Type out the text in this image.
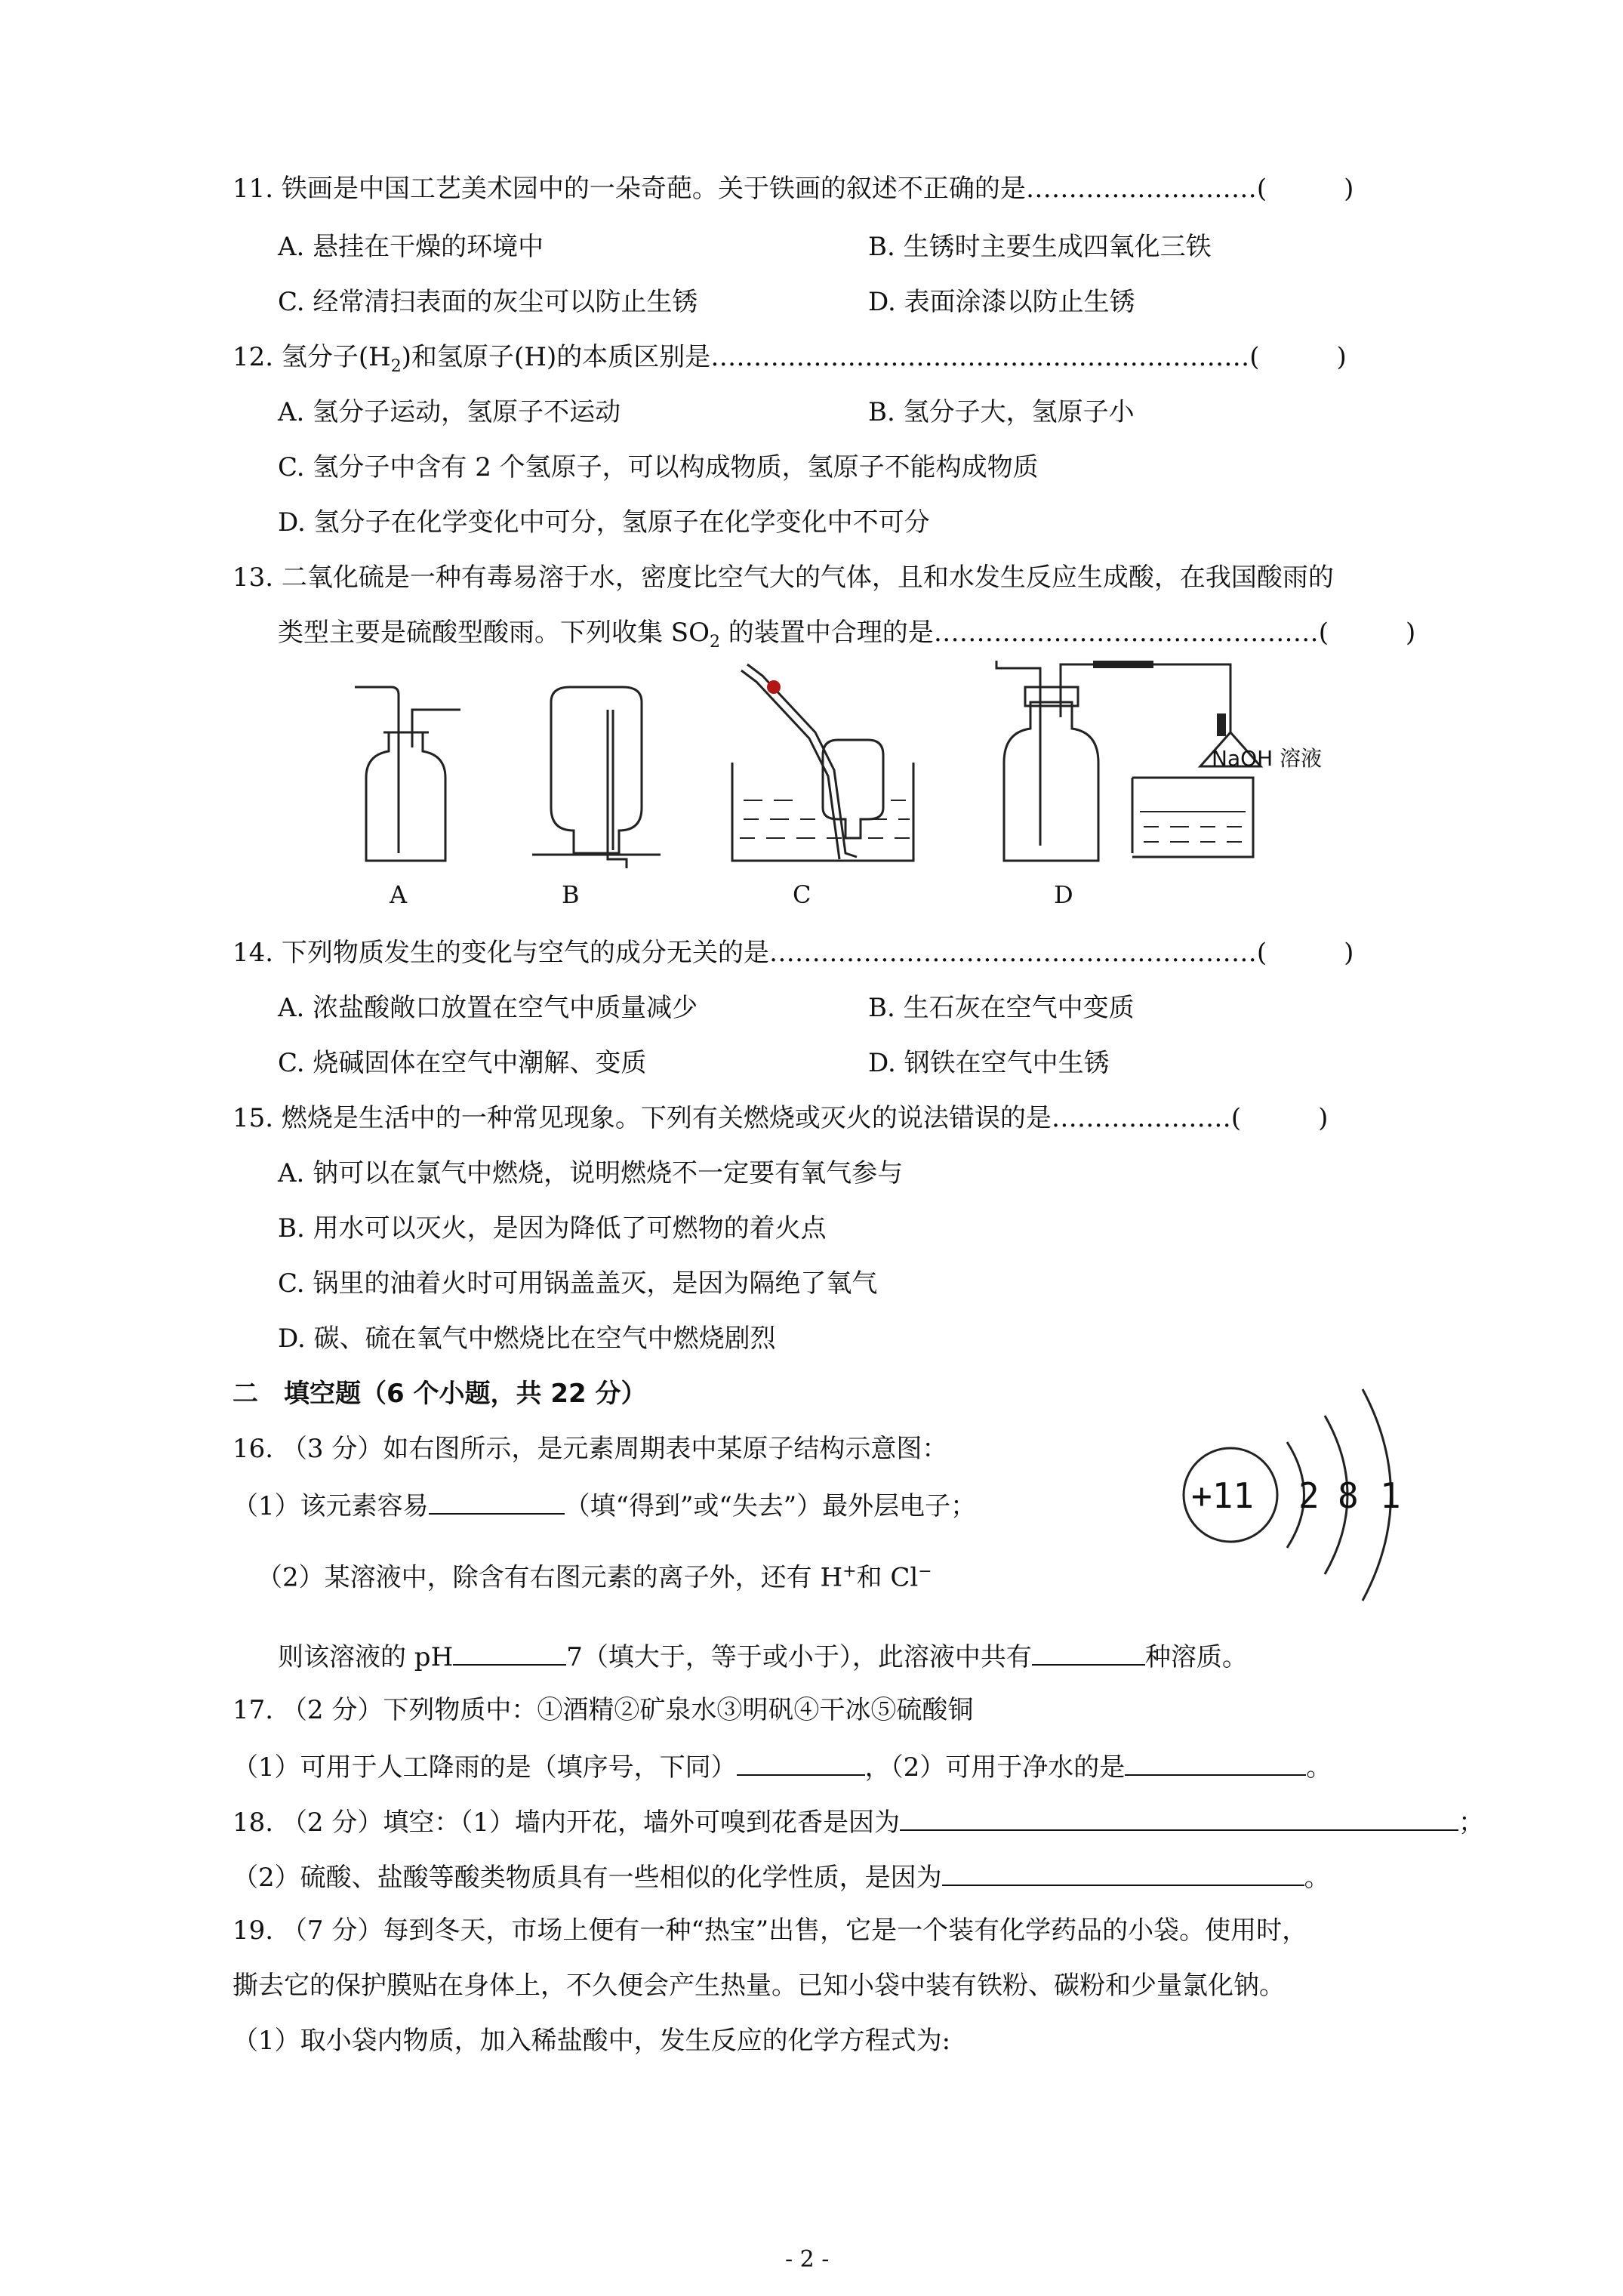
11. 铁画是中国工艺美术园中的一朵奇葩。关于铁画的叙述不正确的是………………………(　　　)
A. 悬挂在干燥的环境中	B. 生锈时主要生成四氧化三铁
C. 经常清扫表面的灰尘可以防止生锈	D. 表面涂漆以防止生锈
12. 氢分子$(H_2)$和氢原子(H)的本质区别是………………………………………………………(　　　)
A. 氢分子运动，氢原子不运动	B. 氢分子大，氢原子小
C. 氢分子中含有 2 个氢原子，可以构成物质，氢原子不能构成物质
D. 氢分子在化学变化中可分，氢原子在化学变化中不可分
13. 二氧化硫是一种有毒易溶于水，密度比空气大的气体，且和水发生反应生成酸，在我国酸雨的
类型主要是硫酸型酸雨。下列收集 $SO_2$ 的装置中合理的是………………………………………(　　　)
NaOH 溶液
A	B	C	D
14. 下列物质发生的变化与空气的成分无关的是…………………………………………………(　　　)
A. 浓盐酸敞口放置在空气中质量减少	B. 生石灰在空气中变质
C. 烧碱固体在空气中潮解、变质	D. 钢铁在空气中生锈
15. 燃烧是生活中的一种常见现象。下列有关燃烧或灭火的说法错误的是…………………(　　　)
A. 钠可以在氯气中燃烧，说明燃烧不一定要有氧气参与
B. 用水可以灭火，是因为降低了可燃物的着火点
C. 锅里的油着火时可用锅盖盖灭，是因为隔绝了氧气
D. 碳、硫在氧气中燃烧比在空气中燃烧剧烈
二　填空题（6 个小题，共 22 分）
16. （3 分）如右图所示，是元素周期表中某原子结构示意图：
（1）该元素容易	（填“得到”或“失去”）最外层电子；
（2）某溶液中，除含有右图元素的离子外，还有 H+和 Cl−
则该溶液的 pH	7（填大于，等于或小于），此溶液中共有	种溶质。
+11 2 8 1
17. （2 分）下列物质中：①酒精②矿泉水③明矾④干冰⑤硫酸铜
（1）可用于人工降雨的是（填序号，下同）	，（2）可用于净水的是	。
18. （2 分）填空：（1）墙内开花，墙外可嗅到花香是因为	；
（2）硫酸、盐酸等酸类物质具有一些相似的化学性质，是因为	。
19. （7 分）每到冬天，市场上便有一种“热宝”出售，它是一个装有化学药品的小袋。使用时，
撕去它的保护膜贴在身体上，不久便会产生热量。已知小袋中装有铁粉、碳粉和少量氯化钠。
（1）取小袋内物质，加入稀盐酸中，发生反应的化学方程式为:
- 2 -
